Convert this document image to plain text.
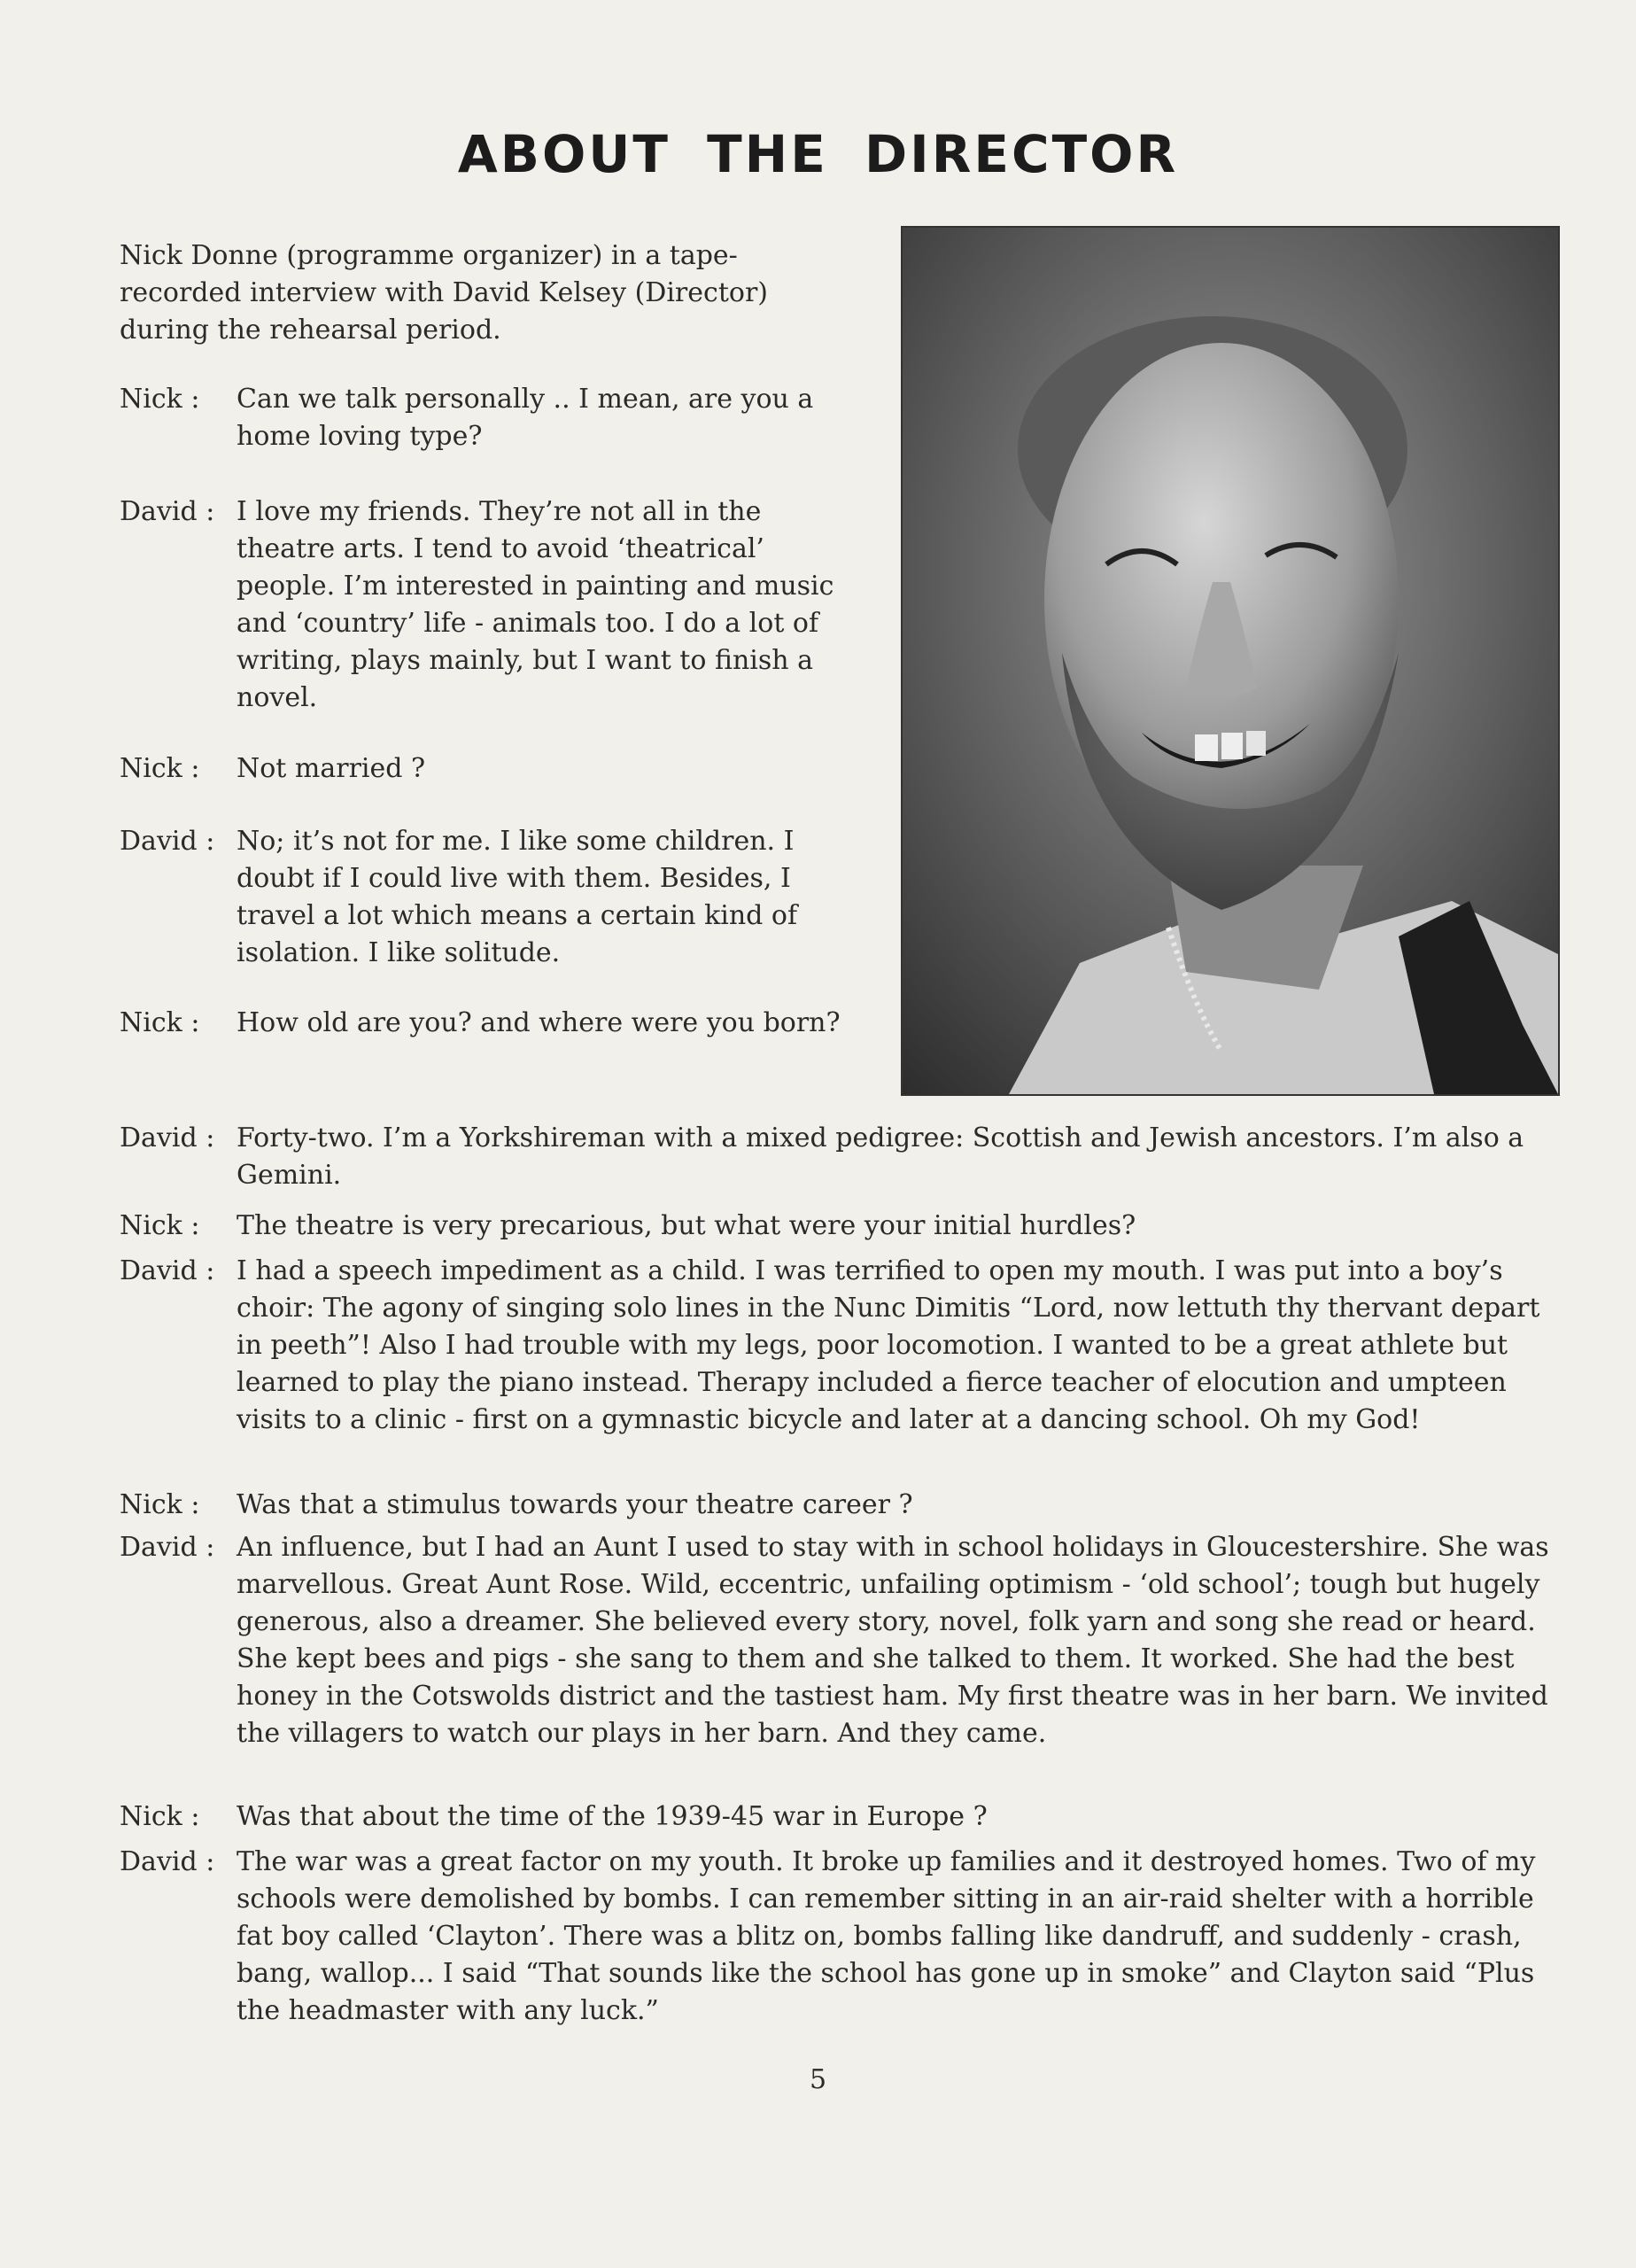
ABOUT THE DIRECTOR
Nick Donne (programme organizer) in a tape-recorded interview with David Kelsey (Director) during the rehearsal period.
Nick :	Can we talk personally .. I mean, are you a home loving type?
David : I love my friends. They’re not all in the theatre arts. I tend to avoid ‘theatrical’ people. I’m interested in painting and music and ‘country’ life - animals too. I do a lot of writing, plays mainly, but I want to finish a novel.
Nick :	Not married ?
David : No; it’s not for me. I like some children. I doubt if I could live with them. Besides, I travel a lot which means a certain kind of isolation. I like solitude.
Nick :	How old are you? and where were you born?
David : Forty-two. I’m a Yorkshireman with a mixed pedigree: Scottish and Jewish ancestors. I’m also a Gemini.
Nick :	The theatre is very precarious, but what were your initial hurdles?
David : I had a speech impediment as a child. I was terrified to open my mouth. I was put into a boy’s choir: The agony of singing solo lines in the Nunc Dimitis “Lord, now lettuth thy thervant depart in peeth”! Also I had trouble with my legs, poor locomotion. I wanted to be a great athlete but learned to play the piano instead. Therapy included a fierce teacher of elocution and umpteen visits to a clinic - first on a gymnastic bicycle and later at a dancing school. Oh my God!
Nick :	Was that a stimulus towards your theatre career ?
David : An influence, but I had an Aunt I used to stay with in school holidays in Gloucestershire. She was marvellous. Great Aunt Rose. Wild, eccentric, unfailing optimism - ‘old school’; tough but hugely generous, also a dreamer. She believed every story, novel, folk yarn and song she read or heard. She kept bees and pigs - she sang to them and she talked to them. It worked. She had the best honey in the Cotswolds district and the tastiest ham. My first theatre was in her barn. We invited the villagers to watch our plays in her barn. And they came.
Nick :	Was that about the time of the 1939-45 war in Europe ?
David : The war was a great factor on my youth. It broke up families and it destroyed homes. Two of my schools were demolished by bombs. I can remember sitting in an air-raid shelter with a horrible fat boy called ‘Clayton’. There was a blitz on, bombs falling like dandruff, and suddenly - crash, bang, wallop... I said “That sounds like the school has gone up in smoke” and Clayton said “Plus the headmaster with any luck.”
5
